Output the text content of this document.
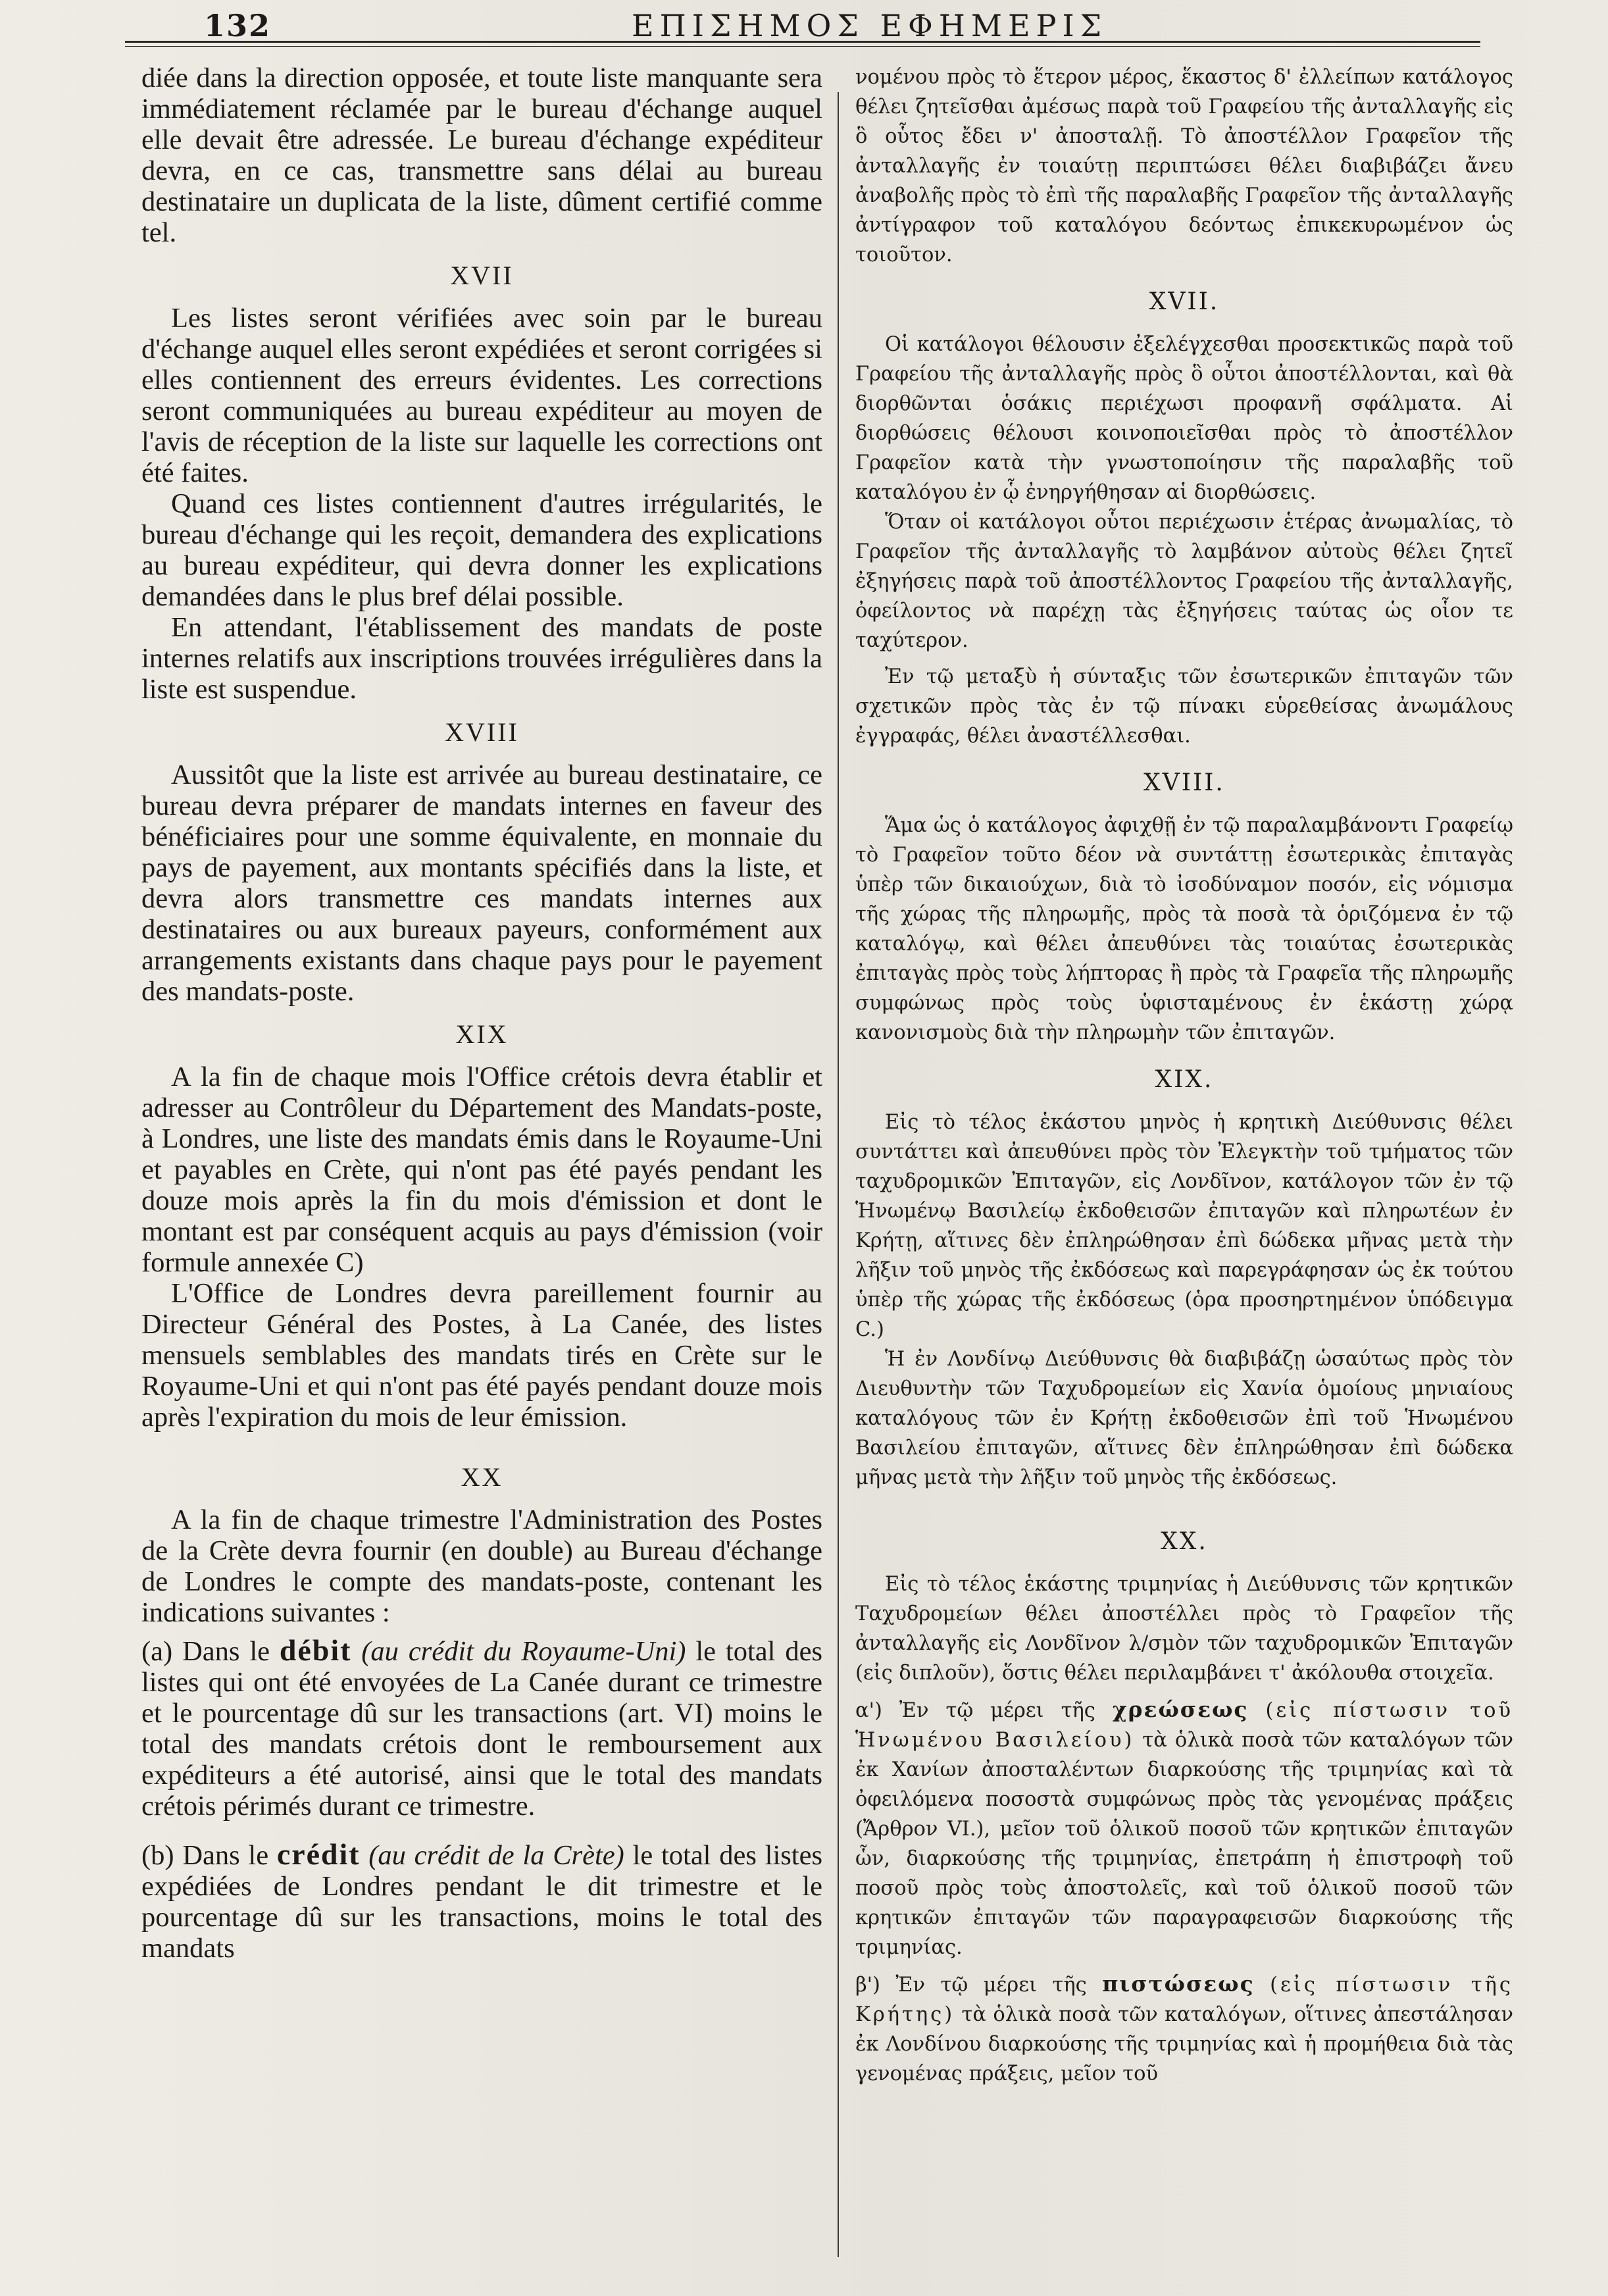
132	ΕΠΙΣΗΜΟΣ ΕΦΗΜΕΡΙΣ

diée dans la direction opposée, et toute liste manquante sera immédiatement réclamée par le bureau d'échange auquel elle devait être adressée. Le bureau d'échange expéditeur devra, en ce cas, transmettre sans délai au bureau destinataire un duplicata de la liste, dûment certifié comme tel.

XVII

Les listes seront vérifiées avec soin par le bureau d'échange auquel elles seront expédiées et seront corrigées si elles contiennent des erreurs évidentes. Les corrections seront communiquées au bureau expéditeur au moyen de l'avis de réception de la liste sur laquelle les corrections ont été faites.

Quand ces listes contiennent d'autres irrégularités, le bureau d'échange qui les reçoit, demandera des explications au bureau expéditeur, qui devra donner les explications demandées dans le plus bref délai possible.

En attendant, l'établissement des mandats de poste internes relatifs aux inscriptions trouvées irrégulières dans la liste est suspendue.

XVIII

Aussitôt que la liste est arrivée au bureau destinataire, ce bureau devra préparer de mandats internes en faveur des bénéficiaires pour une somme équivalente, en monnaie du pays de payement, aux montants spécifiés dans la liste, et devra alors transmettre ces mandats internes aux destinataires ou aux bureaux payeurs, conformément aux arrangements existants dans chaque pays pour le payement des mandats-poste.

XIX

A la fin de chaque mois l'Office crétois devra établir et adresser au Contrôleur du Département des Mandats-poste, à Londres, une liste des mandats émis dans le Royaume-Uni et payables en Crète, qui n'ont pas été payés pendant les douze mois après la fin du mois d'émission et dont le montant est par conséquent acquis au pays d'émission (voir formule annexée C)

L'Office de Londres devra pareillement fournir au Directeur Général des Postes, à La Canée, des listes mensuels semblables des mandats tirés en Crète sur le Royaume-Uni et qui n'ont pas été payés pendant douze mois après l'expiration du mois de leur émission.

XX

A la fin de chaque trimestre l'Administration des Postes de la Crète devra fournir (en double) au Bureau d'échange de Londres le compte des mandats-poste, contenant les indications suivantes :

(a) Dans le débit (au crédit du Royaume-Uni) le total des listes qui ont été envoyées de La Canée durant ce trimestre et le pourcentage dû sur les transactions (art. VI) moins le total des mandats crétois dont le remboursement aux expéditeurs a été autorisé, ainsi que le total des mandats crétois périmés durant ce trimestre.

(b) Dans le crédit (au crédit de la Crète) le total des listes expédiées de Londres pendant le dit trimestre et le pourcentage dû sur les transactions, moins le total des mandats

νομένου πρὸς τὸ ἕτερον μέρος, ἕκαστος δ' ἐλλείπων κατάλογος θέλει ζητεῖσθαι ἀμέσως παρὰ τοῦ Γραφείου τῆς ἀνταλλαγῆς εἰς ὃ οὗτος ἔδει ν' ἀποσταλῇ. Τὸ ἀποστέλλον Γραφεῖον τῆς ἀνταλλαγῆς ἐν τοιαύτῃ περιπτώσει θέλει διαβιβάζει ἄνευ ἀναβολῆς πρὸς τὸ ἐπὶ τῆς παραλαβῆς Γραφεῖον τῆς ἀνταλλαγῆς ἀντίγραφον τοῦ καταλόγου δεόντως ἐπικεκυρωμένον ὡς τοιοῦτον.

XVII.

Οἱ κατάλογοι θέλουσιν ἐξελέγχεσθαι προσεκτικῶς παρὰ τοῦ Γραφείου τῆς ἀνταλλαγῆς πρὸς ὃ οὗτοι ἀποστέλλονται, καὶ θὰ διορθῶνται ὁσάκις περιέχωσι προφανῆ σφάλματα. Αἱ διορθώσεις θέλουσι κοινοποιεῖσθαι πρὸς τὸ ἀποστέλλον Γραφεῖον κατὰ τὴν γνωστοποίησιν τῆς παραλαβῆς τοῦ καταλόγου ἐν ᾧ ἐνηργήθησαν αἱ διορθώσεις.

Ὅταν οἱ κατάλογοι οὗτοι περιέχωσιν ἑτέρας ἀνωμαλίας, τὸ Γραφεῖον τῆς ἀνταλλαγῆς τὸ λαμβάνον αὐτοὺς θέλει ζητεῖ ἐξηγήσεις παρὰ τοῦ ἀποστέλλοντος Γραφείου τῆς ἀνταλλαγῆς, ὀφείλοντος νὰ παρέχῃ τὰς ἐξηγήσεις ταύτας ὡς οἷον τε ταχύτερον.

Ἐν τῷ μεταξὺ ἡ σύνταξις τῶν ἐσωτερικῶν ἐπιταγῶν τῶν σχετικῶν πρὸς τὰς ἐν τῷ πίνακι εὑρεθείσας ἀνωμάλους ἐγγραφάς, θέλει ἀναστέλλεσθαι.

XVIII.

Ἅμα ὡς ὁ κατάλογος ἀφιχθῇ ἐν τῷ παραλαμβάνοντι Γραφείῳ τὸ Γραφεῖον τοῦτο δέον νὰ συντάττῃ ἐσωτερικὰς ἐπιταγὰς ὑπὲρ τῶν δικαιούχων, διὰ τὸ ἰσοδύναμον ποσόν, εἰς νόμισμα τῆς χώρας τῆς πληρωμῆς, πρὸς τὰ ποσὰ τὰ ὁριζόμενα ἐν τῷ καταλόγῳ, καὶ θέλει ἀπευθύνει τὰς τοιαύτας ἐσωτερικὰς ἐπιταγὰς πρὸς τοὺς λήπτορας ἢ πρὸς τὰ Γραφεῖα τῆς πληρωμῆς συμφώνως πρὸς τοὺς ὑφισταμένους ἐν ἑκάστῃ χώρᾳ κανονισμοὺς διὰ τὴν πληρωμὴν τῶν ἐπιταγῶν.

XIX.

Εἰς τὸ τέλος ἑκάστου μηνὸς ἡ κρητικὴ Διεύθυνσις θέλει συντάττει καὶ ἀπευθύνει πρὸς τὸν Ἐλεγκτὴν τοῦ τμήματος τῶν ταχυδρομικῶν Ἐπιταγῶν, εἰς Λονδῖνον, κατάλογον τῶν ἐν τῷ Ἡνωμένῳ Βασιλείῳ ἐκδοθεισῶν ἐπιταγῶν καὶ πληρωτέων ἐν Κρήτῃ, αἵτινες δὲν ἐπληρώθησαν ἐπὶ δώδεκα μῆνας μετὰ τὴν λῆξιν τοῦ μηνὸς τῆς ἐκδόσεως καὶ παρεγράφησαν ὡς ἐκ τούτου ὑπὲρ τῆς χώρας τῆς ἐκδόσεως (ὁρα προσηρτημένον ὑπόδειγμα C.)

Ἡ ἐν Λονδίνῳ Διεύθυνσις θὰ διαβιβάζῃ ὡσαύτως πρὸς τὸν Διευθυντὴν τῶν Ταχυδρομείων εἰς Χανία ὁμοίους μηνιαίους καταλόγους τῶν ἐν Κρήτῃ ἐκδοθεισῶν ἐπὶ τοῦ Ἡνωμένου Βασιλείου ἐπιταγῶν, αἵτινες δὲν ἐπληρώθησαν ἐπὶ δώδεκα μῆνας μετὰ τὴν λῆξιν τοῦ μηνὸς τῆς ἐκδόσεως.

XX.

Εἰς τὸ τέλος ἑκάστης τριμηνίας ἡ Διεύθυνσις τῶν κρητικῶν Ταχυδρομείων θέλει ἀποστέλλει πρὸς τὸ Γραφεῖον τῆς ἀνταλλαγῆς εἰς Λονδῖνον λ/σμὸν τῶν ταχυδρομικῶν Ἐπιταγῶν (εἰς διπλοῦν), ὅστις θέλει περιλαμβάνει τ' ἀκόλουθα στοιχεῖα.

α') Ἐν τῷ μέρει τῆς χρεώσεως (εἰς πίστωσιν τοῦ Ἡνωμένου Βασιλείου) τὰ ὁλικὰ ποσὰ τῶν καταλόγων τῶν ἐκ Χανίων ἀποσταλέντων διαρκούσης τῆς τριμηνίας καὶ τὰ ὀφειλόμενα ποσοστὰ συμφώνως πρὸς τὰς γενομένας πράξεις (Ἄρθρον VI.), μεῖον τοῦ ὁλικοῦ ποσοῦ τῶν κρητικῶν ἐπιταγῶν ὧν, διαρκούσης τῆς τριμηνίας, ἐπετράπη ἡ ἐπιστροφὴ τοῦ ποσοῦ πρὸς τοὺς ἀποστολεῖς, καὶ τοῦ ὁλικοῦ ποσοῦ τῶν κρητικῶν ἐπιταγῶν τῶν παραγραφεισῶν διαρκούσης τῆς τριμηνίας.

β') Ἐν τῷ μέρει τῆς πιστώσεως (εἰς πίστωσιν τῆς Κρήτης) τὰ ὁλικὰ ποσὰ τῶν καταλόγων, οἵτινες ἀπεστάλησαν ἐκ Λονδίνου διαρκούσης τῆς τριμηνίας καὶ ἡ προμήθεια διὰ τὰς γενομένας πράξεις, μεῖον τοῦ
